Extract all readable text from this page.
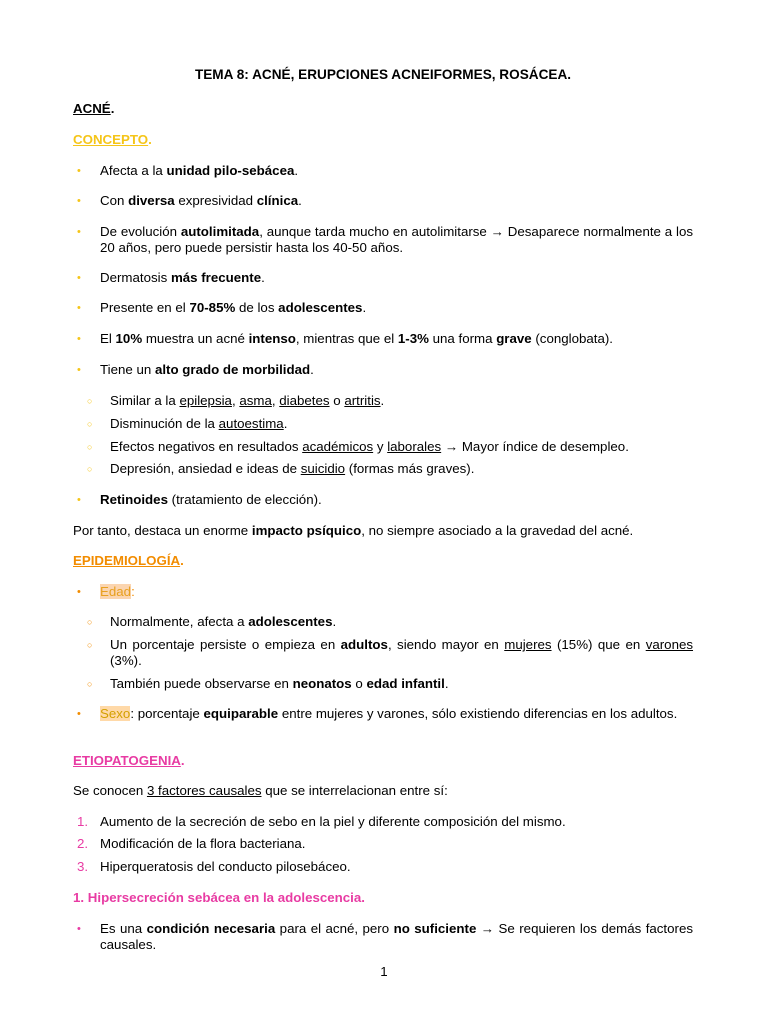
TEMA 8: ACNÉ, ERUPCIONES ACNEIFORMES, ROSÁCEA.
ACNÉ.
CONCEPTO.
• Afecta a la unidad pilo-sebácea.
• Con diversa expresividad clínica.
• De evolución autolimitada, aunque tarda mucho en autolimitarse → Desaparece normalmente a los 20 años, pero puede persistir hasta los 40-50 años.
• Dermatosis más frecuente.
• Presente en el 70-85% de los adolescentes.
• El 10% muestra un acné intenso, mientras que el 1-3% una forma grave (conglobata).
• Tiene un alto grado de morbilidad.
○ Similar a la epilepsia, asma, diabetes o artritis.
○ Disminución de la autoestima.
○ Efectos negativos en resultados académicos y laborales → Mayor índice de desempleo.
○ Depresión, ansiedad e ideas de suicidio (formas más graves).
• Retinoides (tratamiento de elección).
Por tanto, destaca un enorme impacto psíquico, no siempre asociado a la gravedad del acné.
EPIDEMIOLOGÍA.
• Edad:
○ Normalmente, afecta a adolescentes.
○ Un porcentaje persiste o empieza en adultos, siendo mayor en mujeres (15%) que en varones (3%).
○ También puede observarse en neonatos o edad infantil.
• Sexo: porcentaje equiparable entre mujeres y varones, sólo existiendo diferencias en los adultos.
ETIOPATOGENIA.
Se conocen 3 factores causales que se interrelacionan entre sí:
1. Aumento de la secreción de sebo en la piel y diferente composición del mismo.
2. Modificación de la flora bacteriana.
3. Hiperqueratosis del conducto pilosebáceo.
1. Hipersecreción sebácea en la adolescencia.
• Es una condición necesaria para el acné, pero no suficiente → Se requieren los demás factores causales.
1
